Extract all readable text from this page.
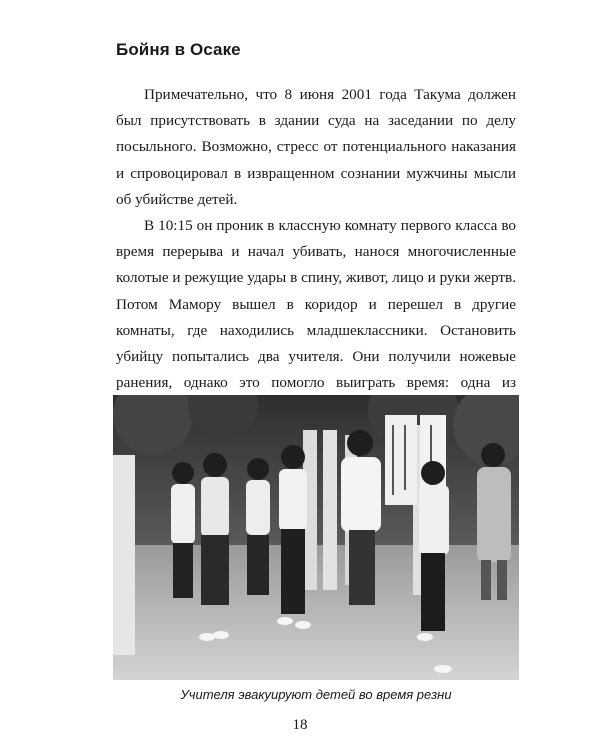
Бойня в Осаке

Примечательно, что 8 июня 2001 года Такума должен был присутствовать в здании суда на заседании по делу посыльного. Возможно, стресс от потенциального наказания и спровоцировал в извращенном сознании мужчины мысли об убийстве детей.

В 10:15 он проник в классную комнату первого класса во время перерыва и начал убивать, нанося многочисленные колотые и режущие удары в спину, живот, лицо и руки жертв. Потом Мамору вышел в коридор и перешел в другие комнаты, где находились младшеклассники. Остановить убийцу попытались два учителя. Они получили ножевые ранения, однако это помогло выиграть время: одна из

Учителя эвакуируют детей во время резни

18
